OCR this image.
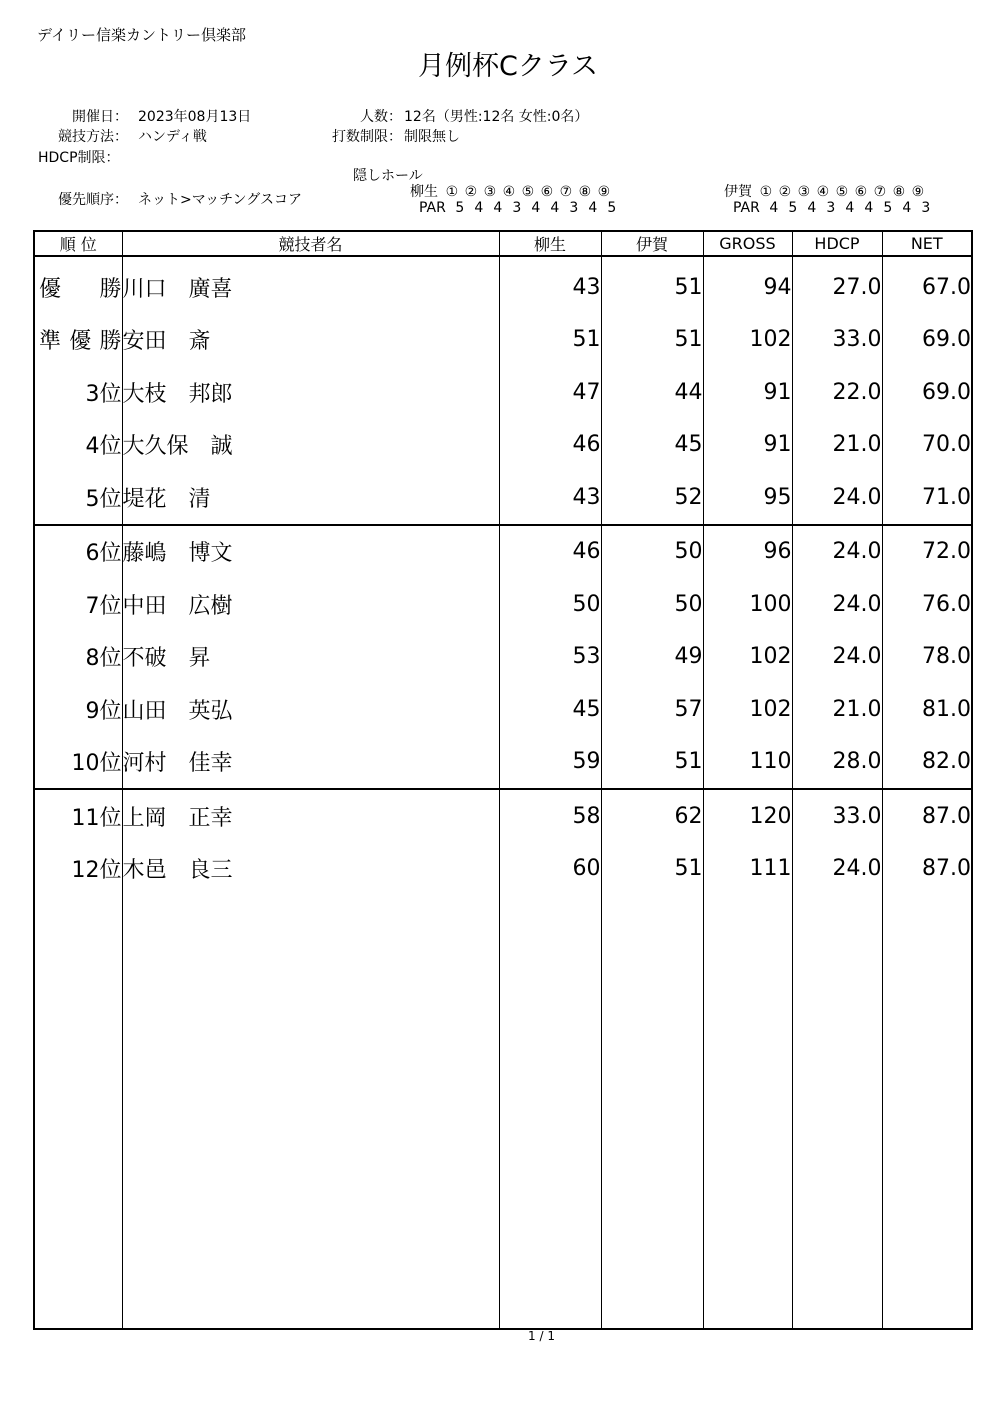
デイリー信楽カントリー倶楽部
月例杯Cクラス
開催日： 2023年08月13日
競技方法： ハンディ戦
HDCP制限：
優先順序： ネット>マッチングスコア
人数： 12名（男性:12名 女性:0名）
打数制限： 制限無し
隠しホール
柳生 ① ② ③ ④ ⑤ ⑥ ⑦ ⑧ ⑨
PAR 5 4 4 3 4 4 3 4 5
伊賀 ① ② ③ ④ ⑤ ⑥ ⑦ ⑧ ⑨
PAR 4 5 4 3 4 4 5 4 3
順 位	競技者名	柳生	伊賀	GROSS	HDCP	NET
優　勝	川口　廣喜	43	51	94	27.0	67.0
準優勝	安田　斎	51	51	102	33.0	69.0
3位	大枝　邦郎	47	44	91	22.0	69.0
4位	大久保　誠	46	45	91	21.0	70.0
5位	堤花　清	43	52	95	24.0	71.0
6位	藤嶋　博文	46	50	96	24.0	72.0
7位	中田　広樹	50	50	100	24.0	76.0
8位	不破　昇	53	49	102	24.0	78.0
9位	山田　英弘	45	57	102	21.0	81.0
10位	河村　佳幸	59	51	110	28.0	82.0
11位	上岡　正幸	58	62	120	33.0	87.0
12位	木邑　良三	60	51	111	24.0	87.0

1 / 1
